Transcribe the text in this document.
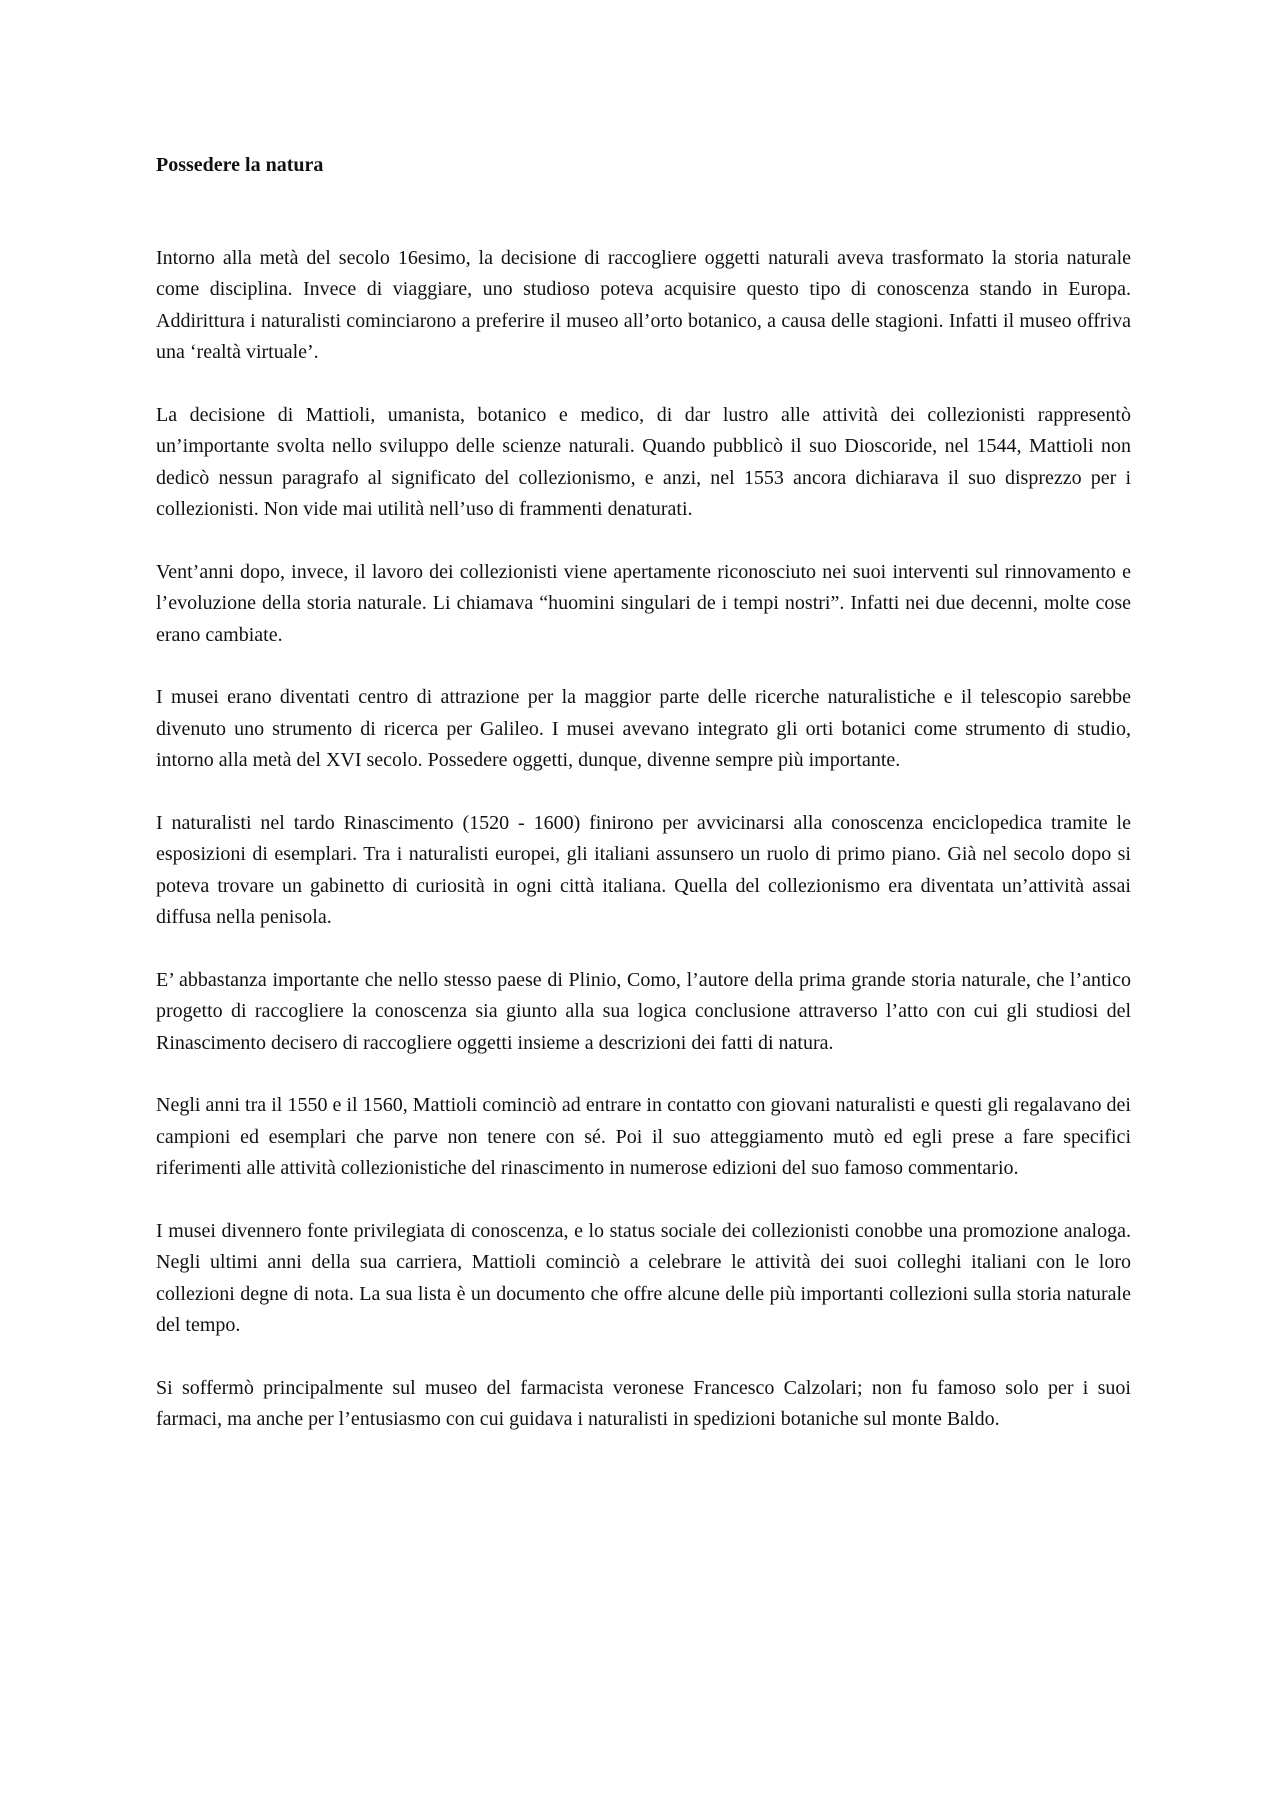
Possedere la natura

Intorno alla metà del secolo 16esimo, la decisione di raccogliere oggetti naturali aveva trasformato la storia naturale come disciplina. Invece di viaggiare, uno studioso poteva acquisire questo tipo di conoscenza stando in Europa. Addirittura i naturalisti cominciarono a preferire il museo all’orto botanico, a causa delle stagioni. Infatti il museo offriva una ‘realtà virtuale’.

La decisione di Mattioli, umanista, botanico e medico, di dar lustro alle attività dei collezionisti rappresentò un’importante svolta nello sviluppo delle scienze naturali. Quando pubblicò il suo Dioscoride, nel 1544, Mattioli non dedicò nessun paragrafo al significato del collezionismo, e anzi, nel 1553 ancora dichiarava il suo disprezzo per i collezionisti. Non vide mai utilità nell’uso di frammenti denaturati.

Vent’anni dopo, invece, il lavoro dei collezionisti viene apertamente riconosciuto nei suoi interventi sul rinnovamento e l’evoluzione della storia naturale. Li chiamava “huomini singulari de i tempi nostri”. Infatti nei due decenni, molte cose erano cambiate.

I musei erano diventati centro di attrazione per la maggior parte delle ricerche naturalistiche e il telescopio sarebbe divenuto uno strumento di ricerca per Galileo. I musei avevano integrato gli orti botanici come strumento di studio, intorno alla metà del XVI secolo. Possedere oggetti, dunque, divenne sempre più importante.

I naturalisti nel tardo Rinascimento (1520 - 1600) finirono per avvicinarsi alla conoscenza enciclopedica tramite le esposizioni di esemplari. Tra i naturalisti europei, gli italiani assunsero un ruolo di primo piano. Già nel secolo dopo si poteva trovare un gabinetto di curiosità in ogni città italiana. Quella del collezionismo era diventata un’attività assai diffusa nella penisola.

E’ abbastanza importante che nello stesso paese di Plinio, Como, l’autore della prima grande storia naturale, che l’antico progetto di raccogliere la conoscenza sia giunto alla sua logica conclusione attraverso l’atto con cui gli studiosi del Rinascimento decisero di raccogliere oggetti insieme a descrizioni dei fatti di natura.

Negli anni tra il 1550 e il 1560, Mattioli cominciò ad entrare in contatto con giovani naturalisti e questi gli regalavano dei campioni ed esemplari che parve non tenere con sé. Poi il suo atteggiamento mutò ed egli prese a fare specifici riferimenti alle attività collezionistiche del rinascimento in numerose edizioni del suo famoso commentario.

I musei divennero fonte privilegiata di conoscenza, e lo status sociale dei collezionisti conobbe una promozione analoga. Negli ultimi anni della sua carriera, Mattioli cominciò a celebrare le attività dei suoi colleghi italiani con le loro collezioni degne di nota. La sua lista è un documento che offre alcune delle più importanti collezioni sulla storia naturale del tempo.

Si soffermò principalmente sul museo del farmacista veronese Francesco Calzolari; non fu famoso solo per i suoi farmaci, ma anche per l’entusiasmo con cui guidava i naturalisti in spedizioni botaniche sul monte Baldo.
